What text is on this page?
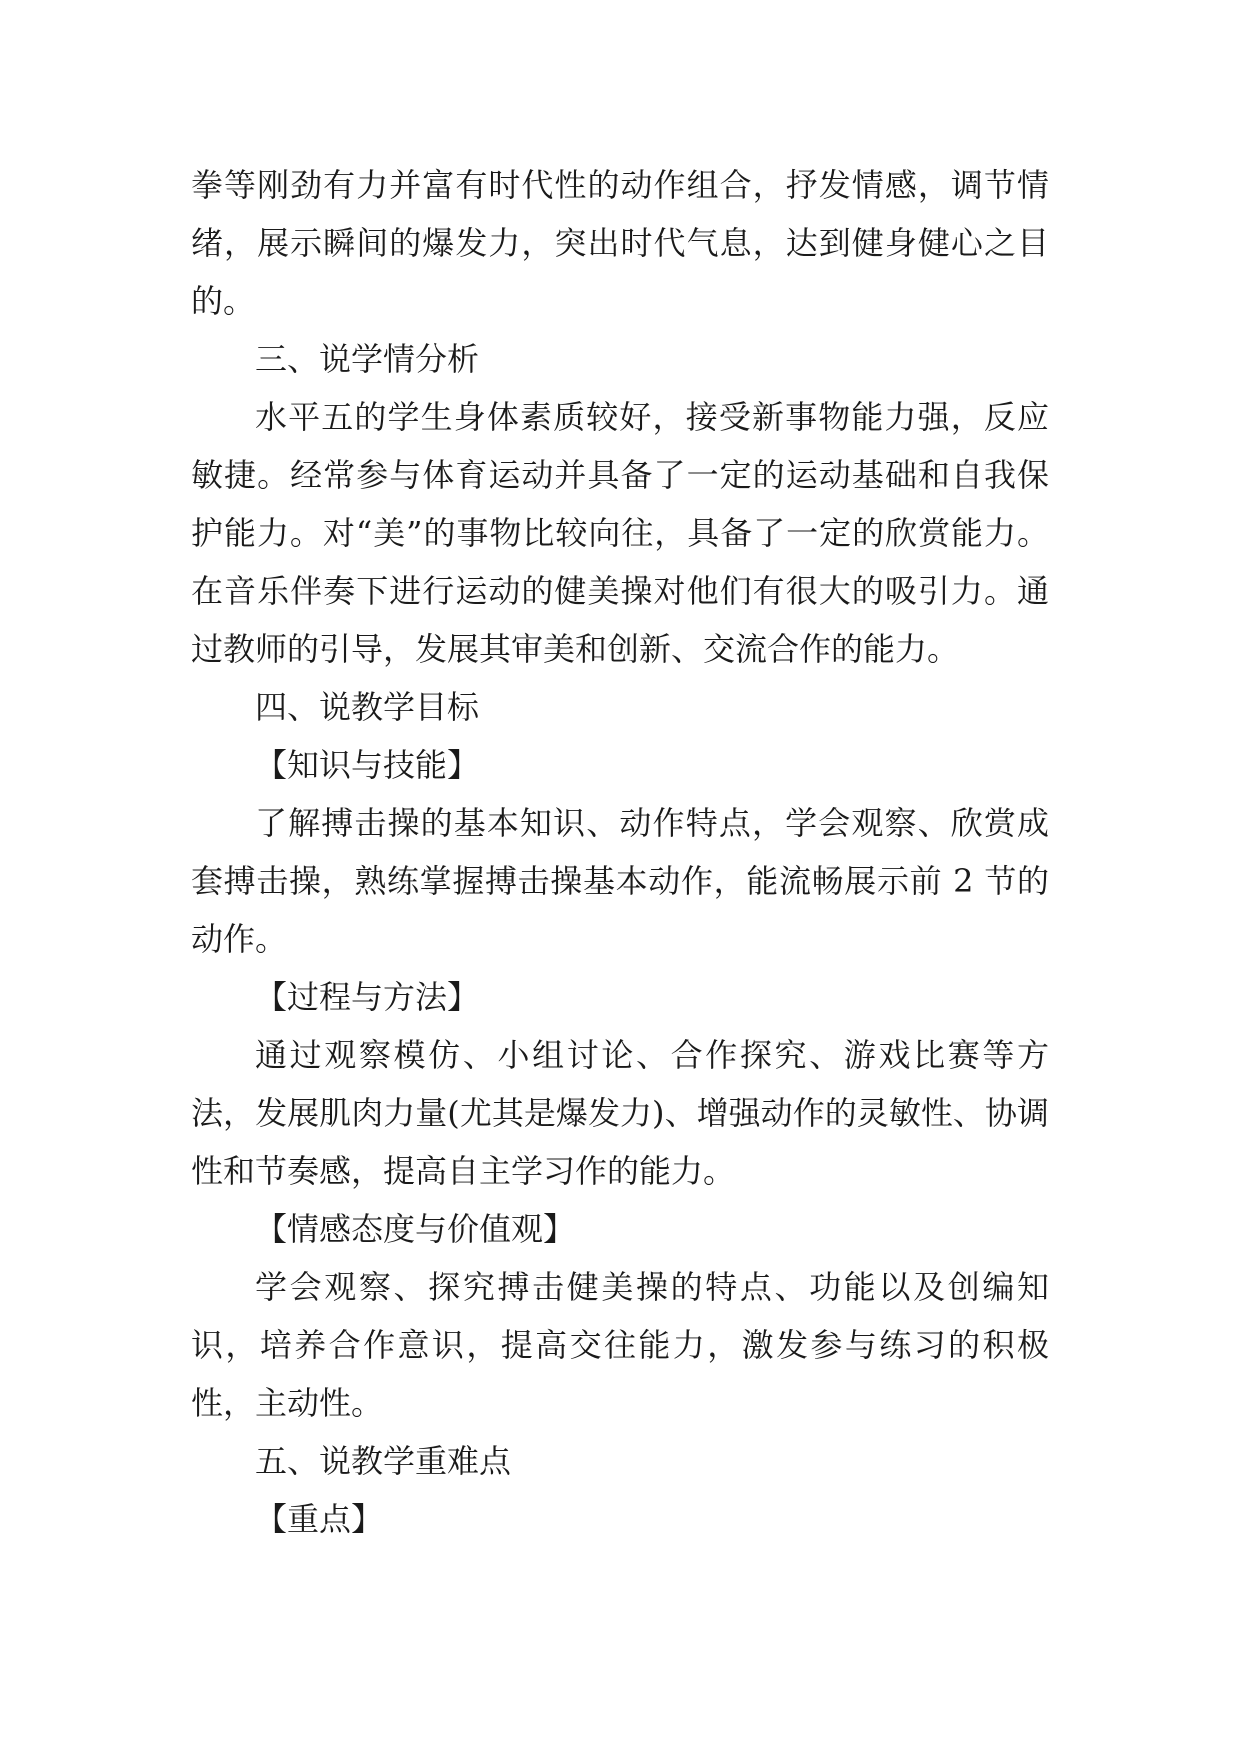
拳等刚劲有力并富有时代性的动作组合，抒发情感，调节情绪，展示瞬间的爆发力，突出时代气息，达到健身健心之目的。

三、说学情分析

水平五的学生身体素质较好，接受新事物能力强，反应敏捷。经常参与体育运动并具备了一定的运动基础和自我保护能力。对“美”的事物比较向往，具备了一定的欣赏能力。在音乐伴奏下进行运动的健美操对他们有很大的吸引力。通过教师的引导，发展其审美和创新、交流合作的能力。

四、说教学目标

【知识与技能】

了解搏击操的基本知识、动作特点，学会观察、欣赏成套搏击操，熟练掌握搏击操基本动作，能流畅展示前 2 节的动作。

【过程与方法】

通过观察模仿、小组讨论、合作探究、游戏比赛等方法，发展肌肉力量(尤其是爆发力)、增强动作的灵敏性、协调性和节奏感，提高自主学习作的能力。

【情感态度与价值观】

学会观察、探究搏击健美操的特点、功能以及创编知识，培养合作意识，提高交往能力，激发参与练习的积极性，主动性。

五、说教学重难点

【重点】
